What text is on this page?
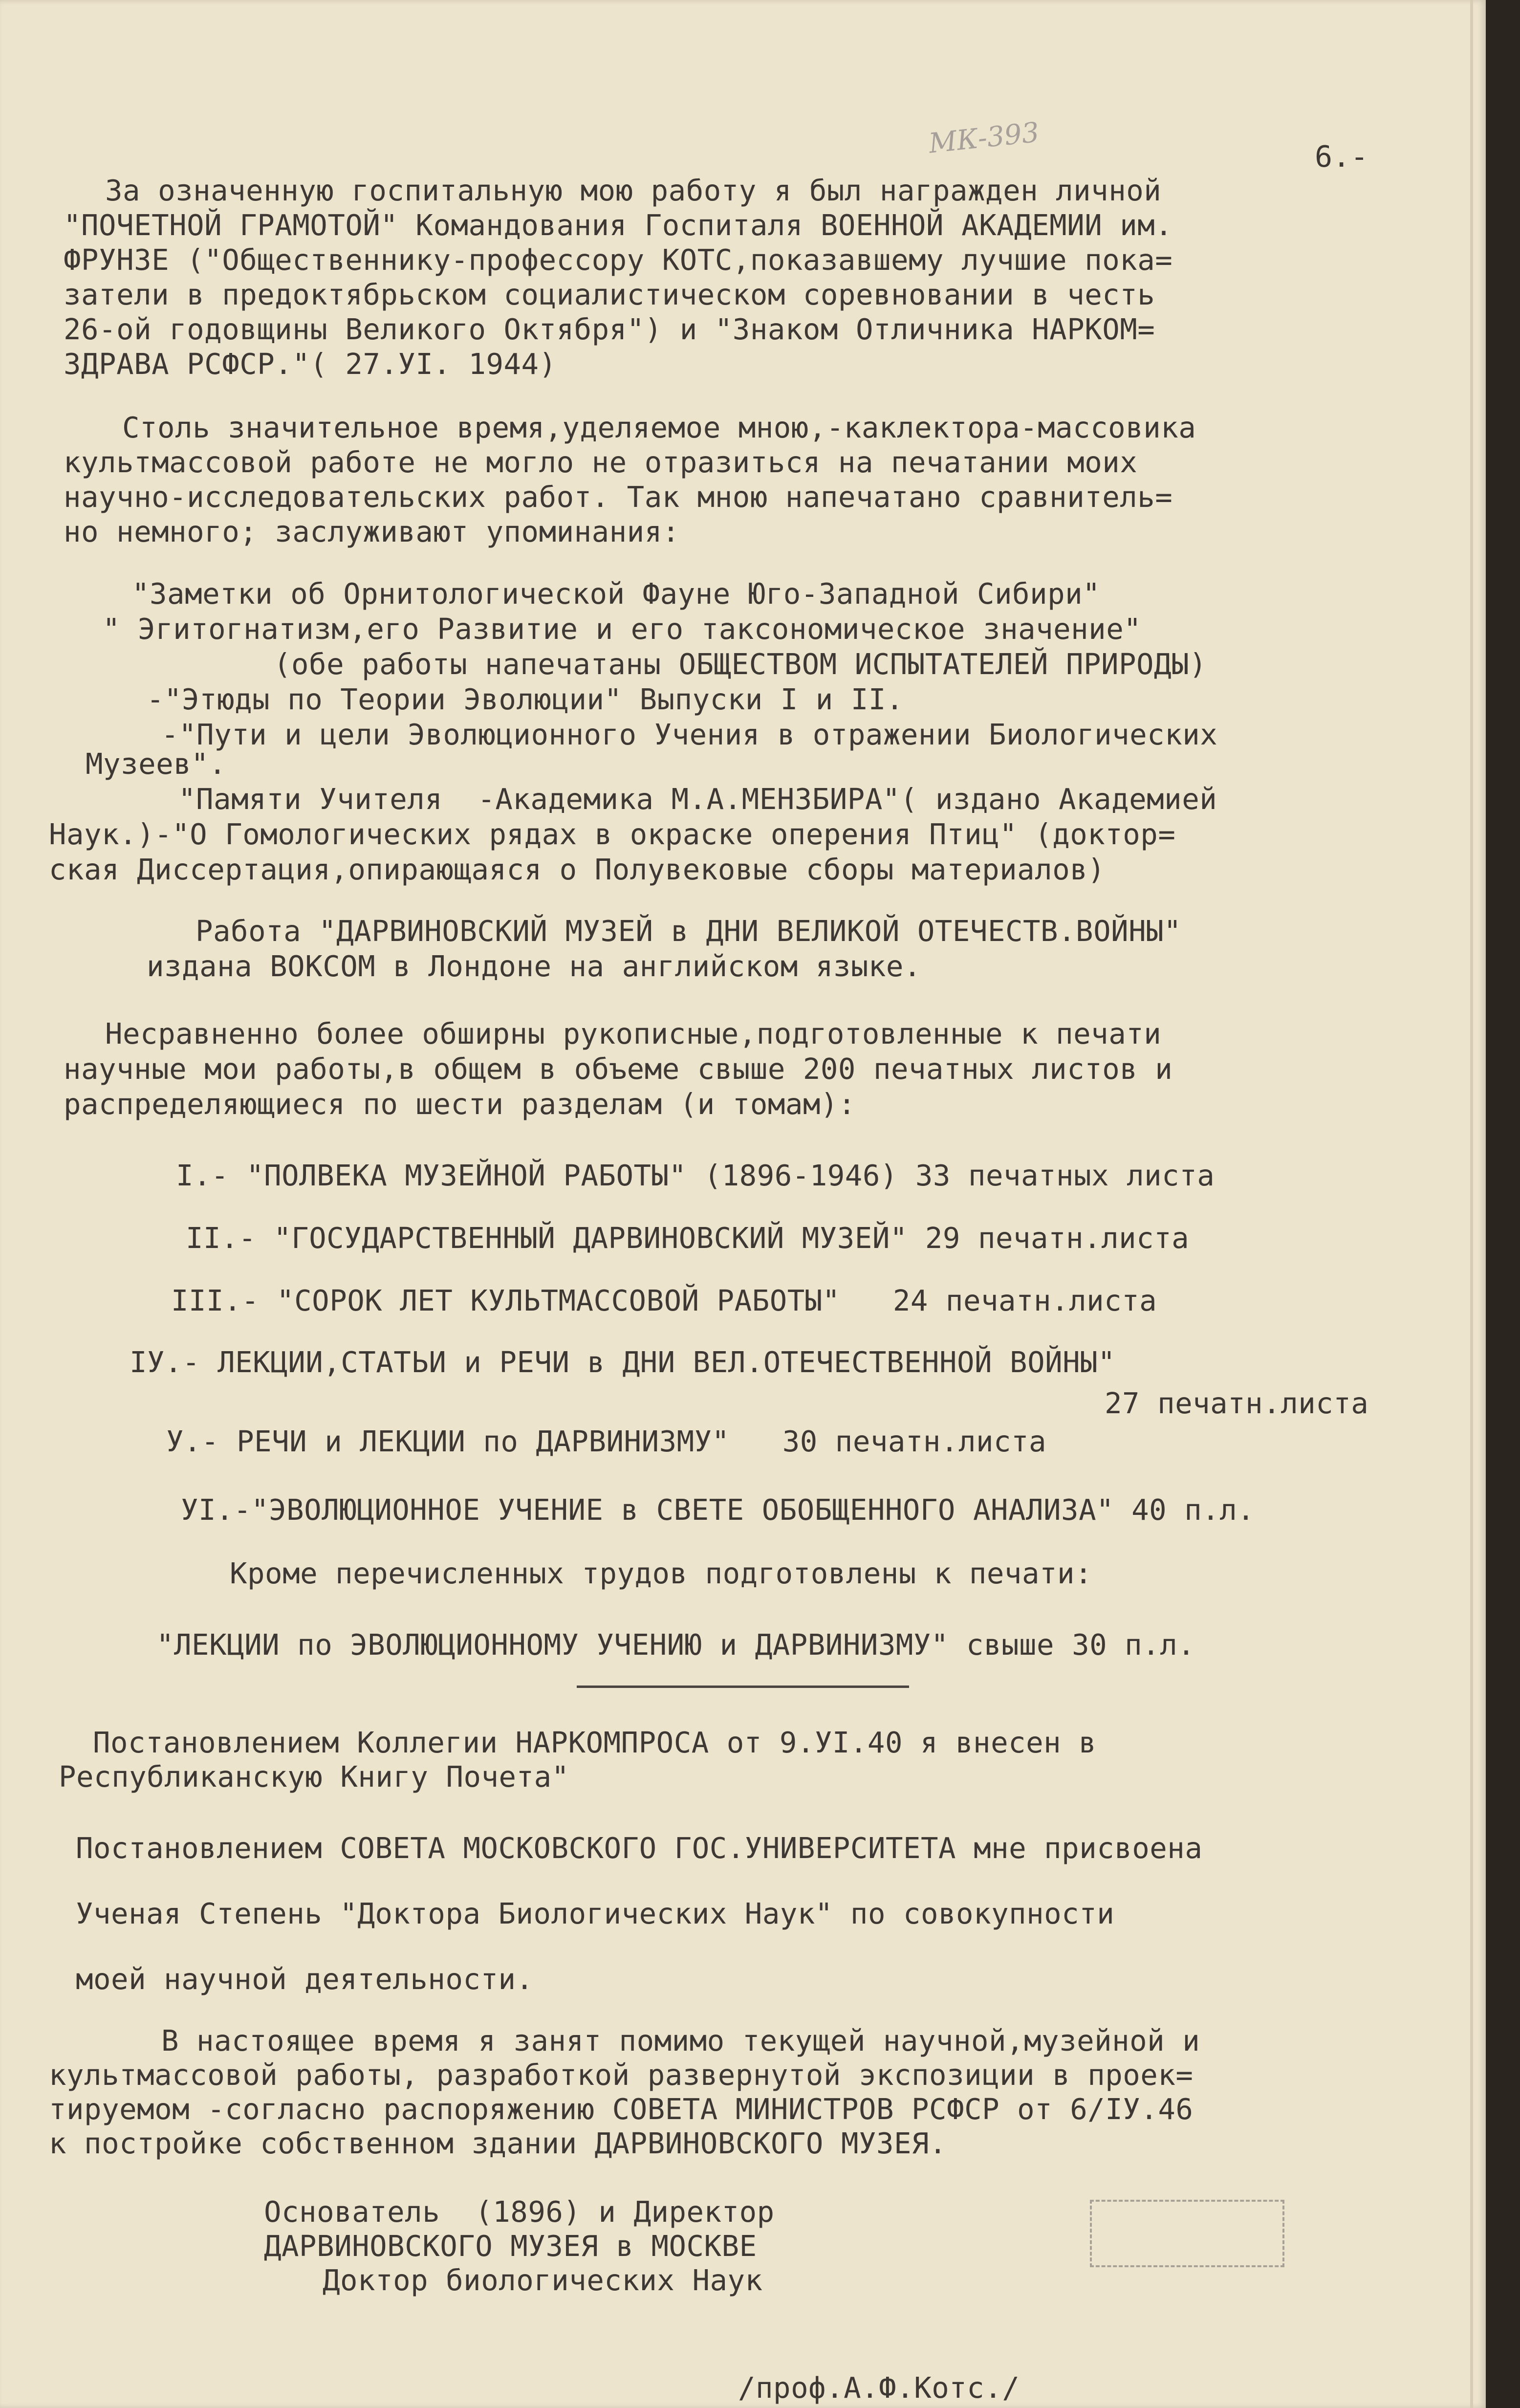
6.-
МК-393
За означенную госпитальную мою работу я был награжден личной
"ПОЧЕТНОЙ ГРАМОТОЙ" Командования Госпиталя ВОЕННОЙ АКАДЕМИИ им.
ФРУНЗЕ ("Общественнику-профессору КОТС,показавшему лучшие пока=
затели в предоктябрьском социалистическом соревновании в честь
26-ой годовщины Великого Октября") и "Знаком Отличника НАРКОМ=
ЗДРАВА РСФСР."( 27.УI. 1944)
Столь значительное время,уделяемое мною,-каклектора-массовика
культмассовой работе не могло не отразиться на печатании моих
научно-исследовательских работ. Так мною напечатано сравнитель=
но немного; заслуживают упоминания:
"Заметки об Орнитологической Фауне Юго-Западной Сибири"
" Эгитогнатизм,его Развитие и его таксономическое значение"
(обе работы напечатаны ОБЩЕСТВОМ ИСПЫТАТЕЛЕЙ ПРИРОДЫ)
-"Этюды по Теории Эволюции" Выпуски I и II.
-"Пути и цели Эволюционного Учения в отражении Биологических
Музеев".
"Памяти Учителя  -Академика М.А.МЕНЗБИРА"( издано Академией
Наук.)-"О Гомологических рядах в окраске оперения Птиц" (доктор=
ская Диссертация,опирающаяся о Полувековые сборы материалов)
Работа "ДАРВИНОВСКИЙ МУЗЕЙ в ДНИ ВЕЛИКОЙ ОТЕЧЕСТВ.ВОЙНЫ"
издана ВОКСОМ в Лондоне на английском языке.
Несравненно более обширны рукописные,подготовленные к печати
научные мои работы,в общем в объеме свыше 200 печатных листов и
распределяющиеся по шести разделам (и томам):
I.- "ПОЛВЕКА МУЗЕЙНОЙ РАБОТЫ" (1896-1946) 33 печатных листа
II.- "ГОСУДАРСТВЕННЫЙ ДАРВИНОВСКИЙ МУЗЕЙ" 29 печатн.листа
III.- "СОРОК ЛЕТ КУЛЬТМАССОВОЙ РАБОТЫ"   24 печатн.листа
IУ.- ЛЕКЦИИ,СТАТЬИ и РЕЧИ в ДНИ ВЕЛ.ОТЕЧЕСТВЕННОЙ ВОЙНЫ"
27 печатн.листа
У.- РЕЧИ и ЛЕКЦИИ по ДАРВИНИЗМУ"   30 печатн.листа
УI.-"ЭВОЛЮЦИОННОЕ УЧЕНИЕ в СВЕТЕ ОБОБЩЕННОГО АНАЛИЗА" 40 п.л.
Кроме перечисленных трудов подготовлены к печати:
"ЛЕКЦИИ по ЭВОЛЮЦИОННОМУ УЧЕНИЮ и ДАРВИНИЗМУ" свыше 30 п.л.
Постановлением Коллегии НАРКОМПРОСА от 9.УI.40 я внесен в
Республиканскую Книгу Почета"
Постановлением СОВЕТА МОСКОВСКОГО ГОС.УНИВЕРСИТЕТА мне присвоена
Ученая Степень "Доктора Биологических Наук" по совокупности
моей научной деятельности.
В настоящее время я занят помимо текущей научной,музейной и
культмассовой работы, разработкой развернутой экспозиции в проек=
тируемом -согласно распоряжению СОВЕТА МИНИСТРОВ РСФСР от 6/IУ.46
к постройке собственном здании ДАРВИНОВСКОГО МУЗЕЯ.
Основатель  (1896) и Директор
ДАРВИНОВСКОГО МУЗЕЯ в МОСКВЕ
Доктор биологических Наук
/проф.А.Ф.Котс./
